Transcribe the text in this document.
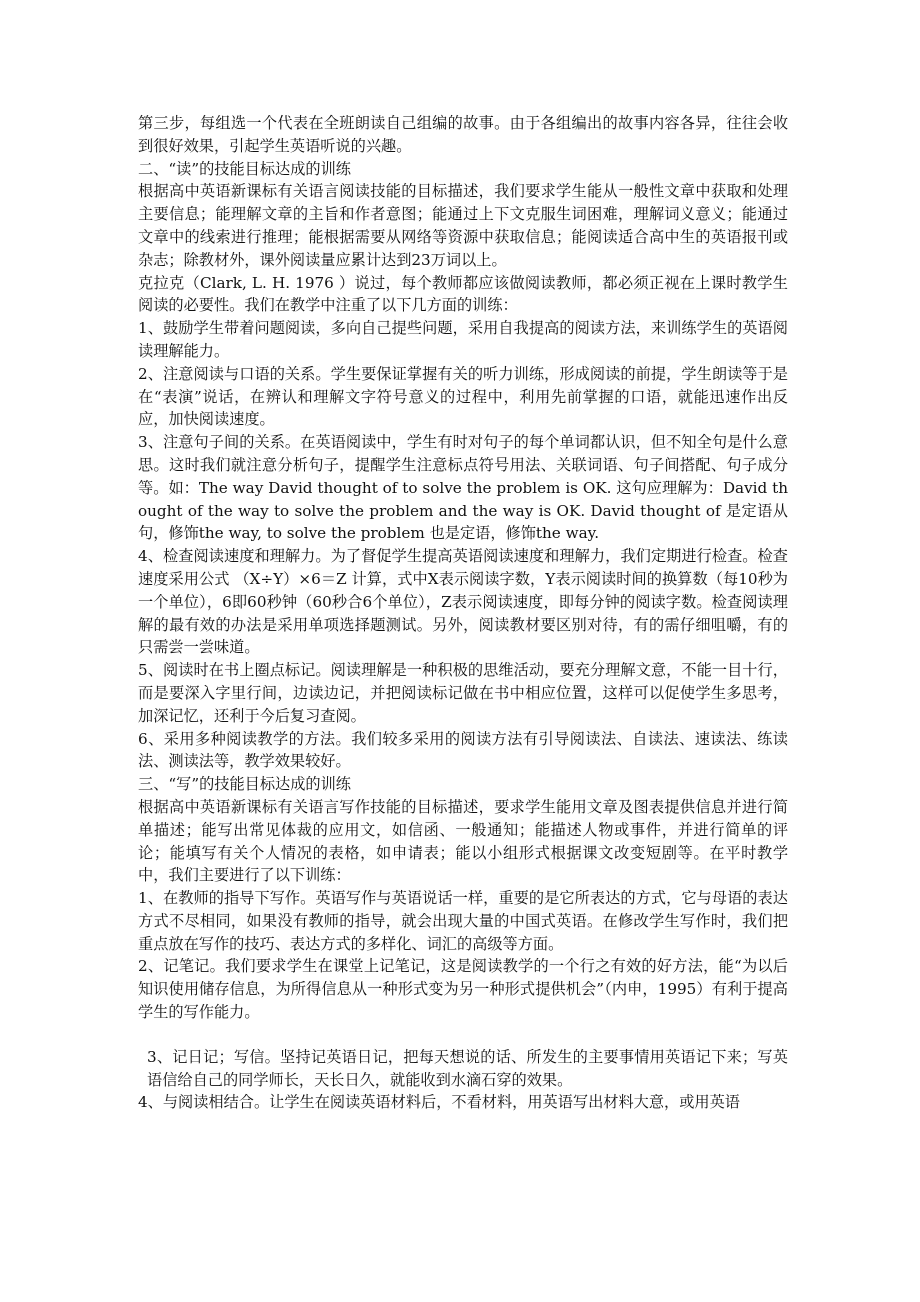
第三步，每组选一个代表在全班朗读自己组编的故事。由于各组编出的故事内容各异，往往会收到很好效果，引起学生英语听说的兴趣。

二、“读”的技能目标达成的训练

根据高中英语新课标有关语言阅读技能的目标描述，我们要求学生能从一般性文章中获取和处理主要信息；能理解文章的主旨和作者意图；能通过上下文克服生词困难，理解词义意义；能通过文章中的线索进行推理；能根据需要从网络等资源中获取信息；能阅读适合高中生的英语报刊或杂志；除教材外，课外阅读量应累计达到23万词以上。

克拉克（Clark, L. H. 1976 ）说过，每个教师都应该做阅读教师，都必须正视在上课时教学生阅读的必要性。我们在教学中注重了以下几方面的训练：

1、鼓励学生带着问题阅读，多向自己提些问题，采用自我提高的阅读方法，来训练学生的英语阅读理解能力。

2、注意阅读与口语的关系。学生要保证掌握有关的听力训练，形成阅读的前提，学生朗读等于是在“表演”说话，在辨认和理解文字符号意义的过程中，利用先前掌握的口语，就能迅速作出反应，加快阅读速度。

3、注意句子间的关系。在英语阅读中，学生有时对句子的每个单词都认识，但不知全句是什么意思。这时我们就注意分析句子，提醒学生注意标点符号用法、关联词语、句子间搭配、句子成分等。如：The way David thought of to solve the problem is OK. 这句应理解为：David thought of the way to solve the problem and the way is OK. David thought of 是定语从句，修饰the way, to solve the problem 也是定语，修饰the way.

4、检查阅读速度和理解力。为了督促学生提高英语阅读速度和理解力，我们定期进行检查。检查速度采用公式 （X÷Y）×6＝Z 计算，式中X表示阅读字数，Y表示阅读时间的换算数（每10秒为一个单位），6即60秒钟（60秒合6个单位），Z表示阅读速度，即每分钟的阅读字数。检查阅读理解的最有效的办法是采用单项选择题测试。另外，阅读教材要区别对待，有的需仔细咀嚼，有的只需尝一尝味道。

5、阅读时在书上圈点标记。阅读理解是一种积极的思维活动，要充分理解文意，不能一目十行，而是要深入字里行间，边读边记，并把阅读标记做在书中相应位置，这样可以促使学生多思考，加深记忆，还利于今后复习查阅。

6、采用多种阅读教学的方法。我们较多采用的阅读方法有引导阅读法、自读法、速读法、练读法、测读法等，教学效果较好。

三、“写”的技能目标达成的训练

根据高中英语新课标有关语言写作技能的目标描述，要求学生能用文章及图表提供信息并进行简单描述；能写出常见体裁的应用文，如信函、一般通知；能描述人物或事件，并进行简单的评论；能填写有关个人情况的表格，如申请表；能以小组形式根据课文改变短剧等。在平时教学中，我们主要进行了以下训练：

1、在教师的指导下写作。英语写作与英语说话一样，重要的是它所表达的方式，它与母语的表达方式不尽相同，如果没有教师的指导，就会出现大量的中国式英语。在修改学生写作时，我们把重点放在写作的技巧、表达方式的多样化、词汇的高级等方面。

2、记笔记。我们要求学生在课堂上记笔记，这是阅读教学的一个行之有效的好方法，能“为以后知识使用储存信息，为所得信息从一种形式变为另一种形式提供机会”（内申，1995）有利于提高学生的写作能力。

3、记日记；写信。坚持记英语日记，把每天想说的话、所发生的主要事情用英语记下来；写英语信给自己的同学师长，天长日久，就能收到水滴石穿的效果。

4、与阅读相结合。让学生在阅读英语材料后，不看材料，用英语写出材料大意，或用英语
